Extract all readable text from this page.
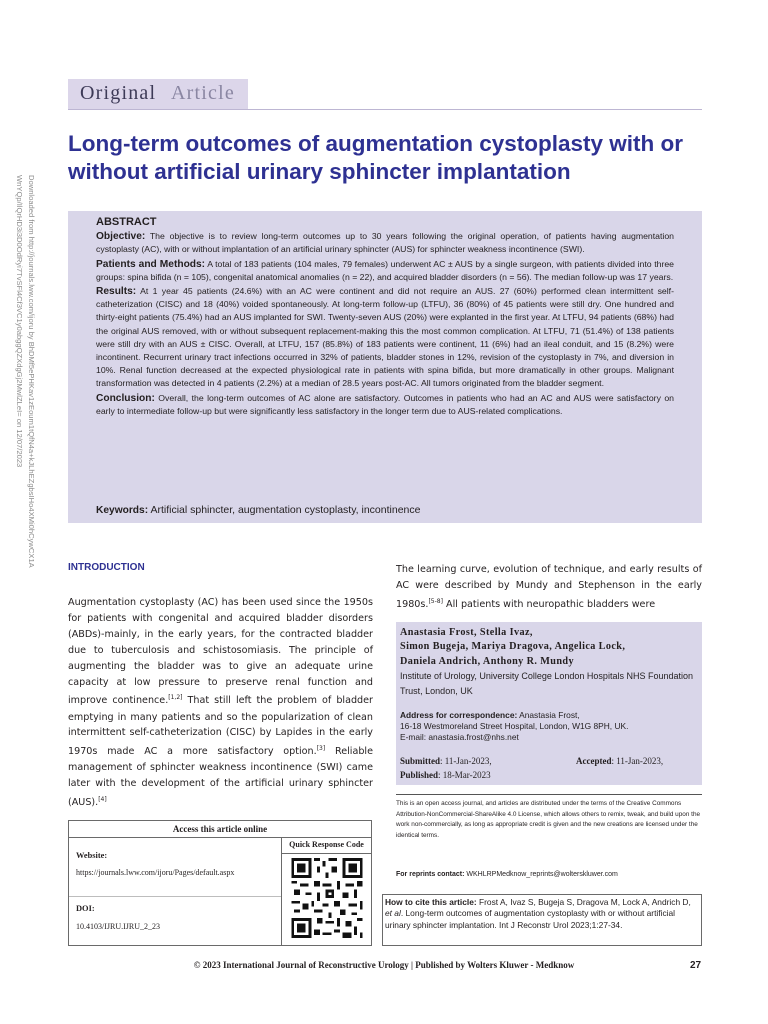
Original Article
Long-term outcomes of augmentation cystoplasty with or without artificial urinary sphincter implantation
Downloaded from http://journals.lww.com/ijoru by BhDMf5ePHKav1zEoum1tQfN4a+kJLhEZgbsIHo4XMi0hCywCX1A
WnYQp/IlQrHD3i3D0OdRyi7TvSFl4Cf3VC1y0abggQZXdgGj2MwlZLeI= on 12/07/2023	ABSTRACT

Objective: The objective is to review long-term outcomes up to 30 years following the original operation, of patients having augmentation cystoplasty (AC), with or without implantation of an artificial urinary sphincter (AUS) for sphincter weakness incontinence (SWI).

Patients and Methods: A total of 183 patients (104 males, 79 females) underwent AC ± AUS by a single surgeon, with patients divided into three groups: spina bifida (n = 105), congenital anatomical anomalies (n = 22), and acquired bladder disorders (n = 56). The median follow-up was 17 years.

Results: At 1 year 45 patients (24.6%) with an AC were continent and did not require an AUS. 27 (60%) performed clean intermittent self-catheterization (CISC) and 18 (40%) voided spontaneously. At long-term follow-up (LTFU), 36 (80%) of 45 patients were still dry. One hundred and thirty-eight patients (75.4%) had an AUS implanted for SWI. Twenty-seven AUS (20%) were explanted in the first year. At LTFU, 94 patients (68%) had the original AUS removed, with or without subsequent replacement-making this the most common complication. At LTFU, 71 (51.4%) of 138 patients were still dry with an AUS ± CISC. Overall, at LTFU, 157 (85.8%) of 183 patients were continent, 11 (6%) had an ileal conduit, and 15 (8.2%) were incontinent. Recurrent urinary tract infections occurred in 32% of patients, bladder stones in 12%, revision of the cystoplasty in 7%, and diversion in 10%. Renal function decreased at the expected physiological rate in patients with spina bifida, but more dramatically in other groups. Malignant transformation was detected in 4 patients (2.2%) at a median of 28.5 years post-AC. All tumors originated from the bladder segment.

Conclusion: Overall, the long-term outcomes of AC alone are satisfactory. Outcomes in patients who had an AC and AUS were satisfactory on early to intermediate follow-up but were significantly less satisfactory in the longer term due to AUS-related complications.

Keywords: Artificial sphincter, augmentation cystoplasty, incontinence
INTRODUCTION
Augmentation cystoplasty (AC) has been used since the 1950s for patients with congenital and acquired bladder disorders (ABDs)-mainly, in the early years, for the contracted bladder due to tuberculosis and schistosomiasis. The principle of augmenting the bladder was to give an adequate urine capacity at low pressure to preserve renal function and improve continence.[1,2] That still left the problem of bladder emptying in many patients and so the popularization of clean intermittent self-catheterization (CISC) by Lapides in the early 1970s made AC a more satisfactory option.[3] Reliable management of sphincter weakness incontinence (SWI) came later with the development of the artificial urinary sphincter (AUS).[4]
The learning curve, evolution of technique, and early results of AC were described by Mundy and Stephenson in the early 1980s.[5-8] All patients with neuropathic bladders were
Anastasia Frost, Stella Ivaz,
Simon Bugeja, Mariya Dragova, Angelica Lock,
Daniela Andrich, Anthony R. Mundy
Institute of Urology, University College London Hospitals NHS Foundation Trust, London, UK
Address for correspondence: Anastasia Frost,
16-18 Westmoreland Street Hospital, London, W1G 8PH, UK.
E-mail: anastasia.frost@nhs.net
Submitted: 11-Jan-2023,	Accepted: 11-Jan-2023,
Published: 18-Mar-2023
This is an open access journal, and articles are distributed under the terms of the Creative Commons Attribution-NonCommercial-ShareAlike 4.0 License, which allows others to remix, tweak, and build upon the work non-commercially, as long as appropriate credit is given and the new creations are licensed under the identical terms.
For reprints contact: WKHLRPMedknow_reprints@wolterskluwer.com
How to cite this article: Frost A, Ivaz S, Bugeja S, Dragova M, Lock A, Andrich D, et al. Long-term outcomes of augmentation cystoplasty with or without artificial urinary sphincter implantation. Int J Reconstr Urol 2023;1:27-34.
Access this article online
Quick Response Code
Website:
https://journals.lww.com/ijoru/Pages/default.aspx
DOI:
10.4103/IJRU.IJRU_2_23
© 2023 International Journal of Reconstructive Urology | Published by Wolters Kluwer - Medknow	27
